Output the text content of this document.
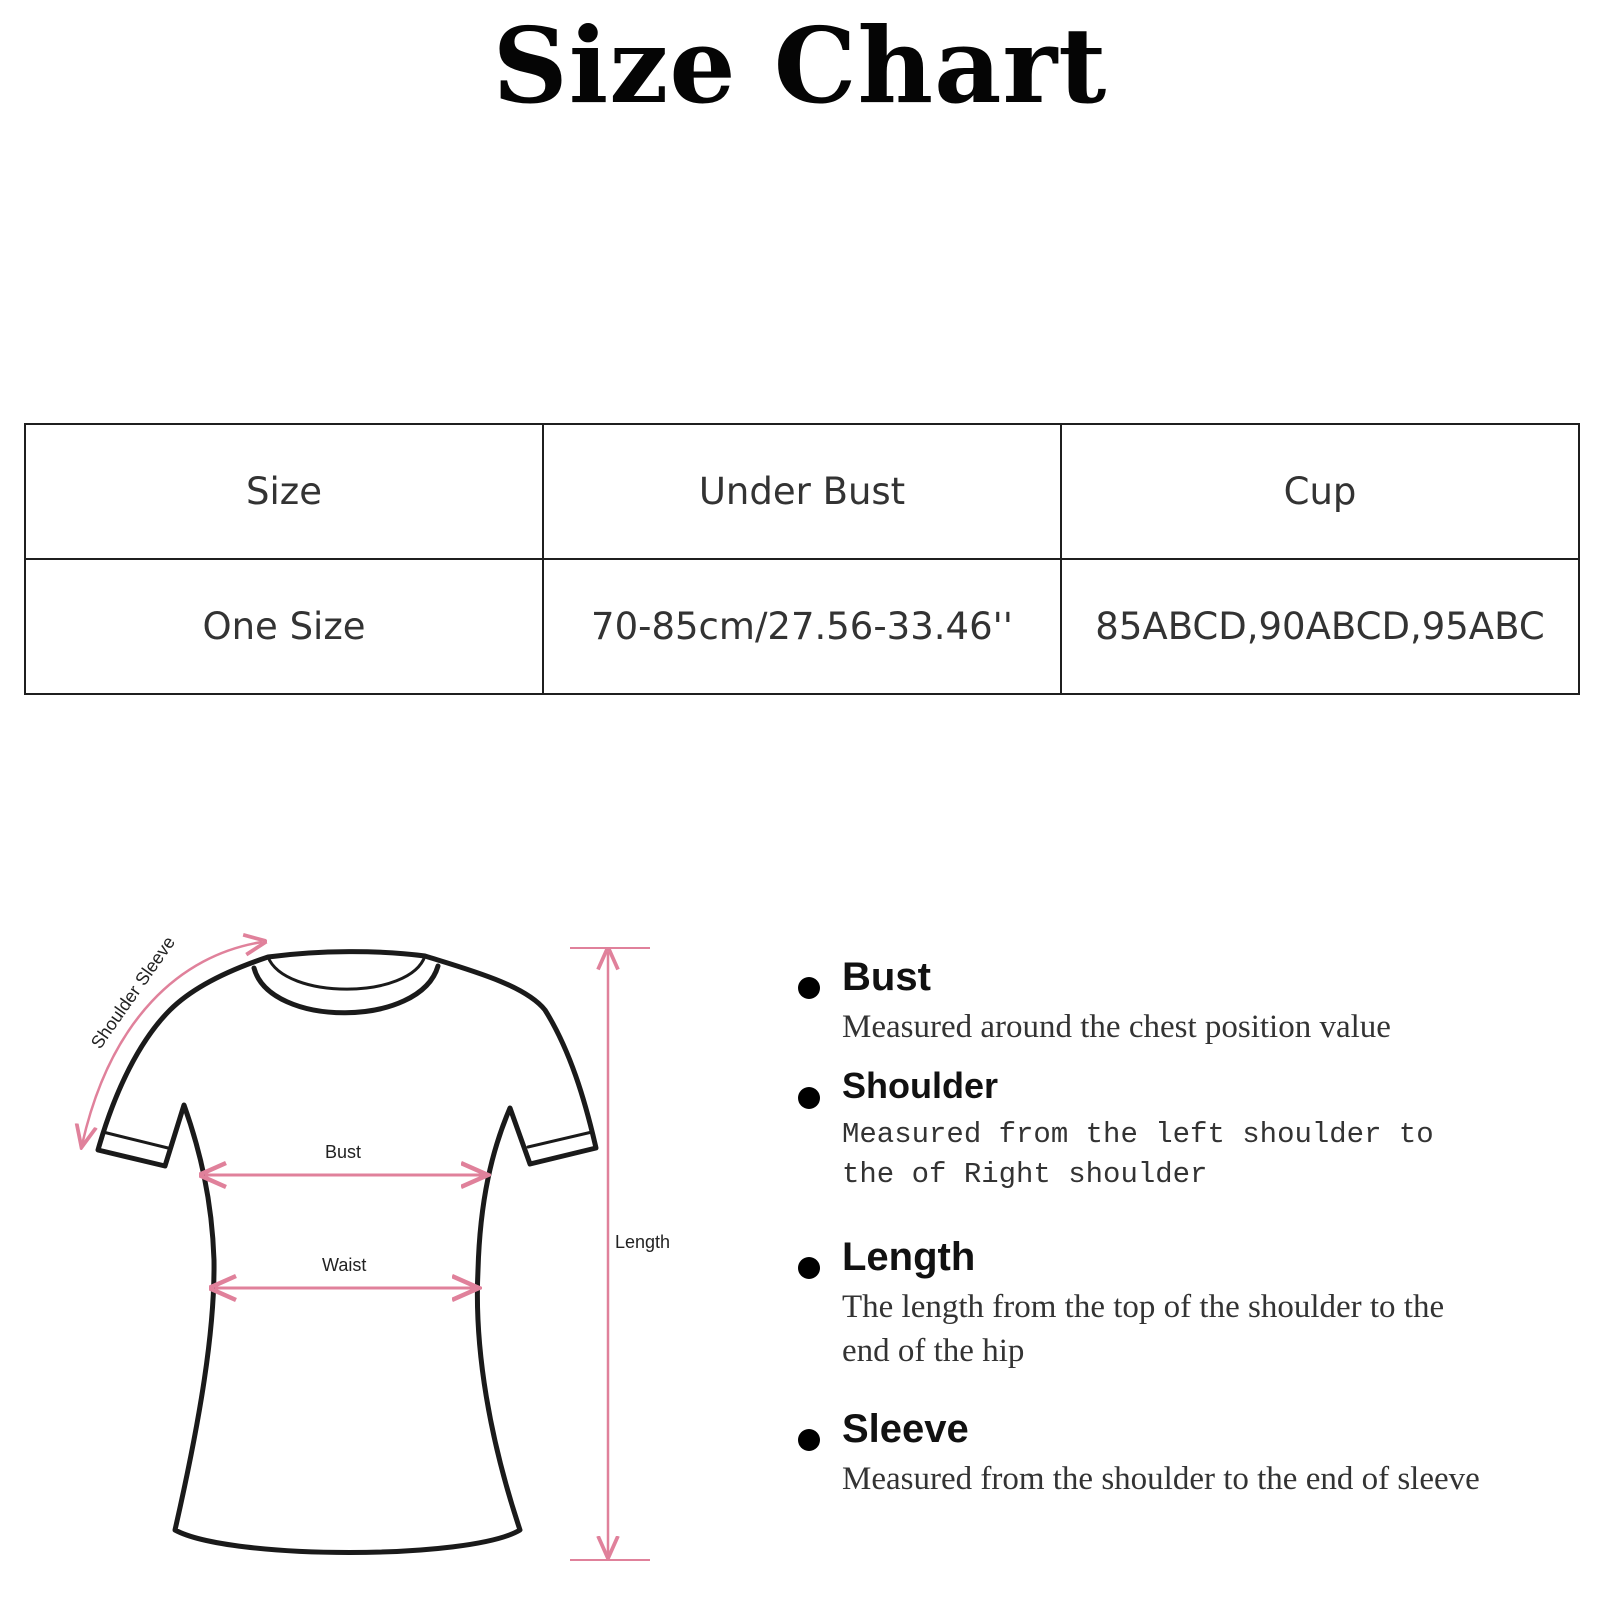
Size Chart
Size	Under Bust	Cup
One Size	70-85cm/27.56-33.46''	85ABCD,90ABCD,95ABC
Shoulder Sleeve
Bust
Waist
Length
Bust
Measured around the chest position value
Shoulder
Measured from the left shoulder to the of Right shoulder
Length
The length from the top of the shoulder to the end of the hip
Sleeve
Measured from the shoulder to the end of sleeve
